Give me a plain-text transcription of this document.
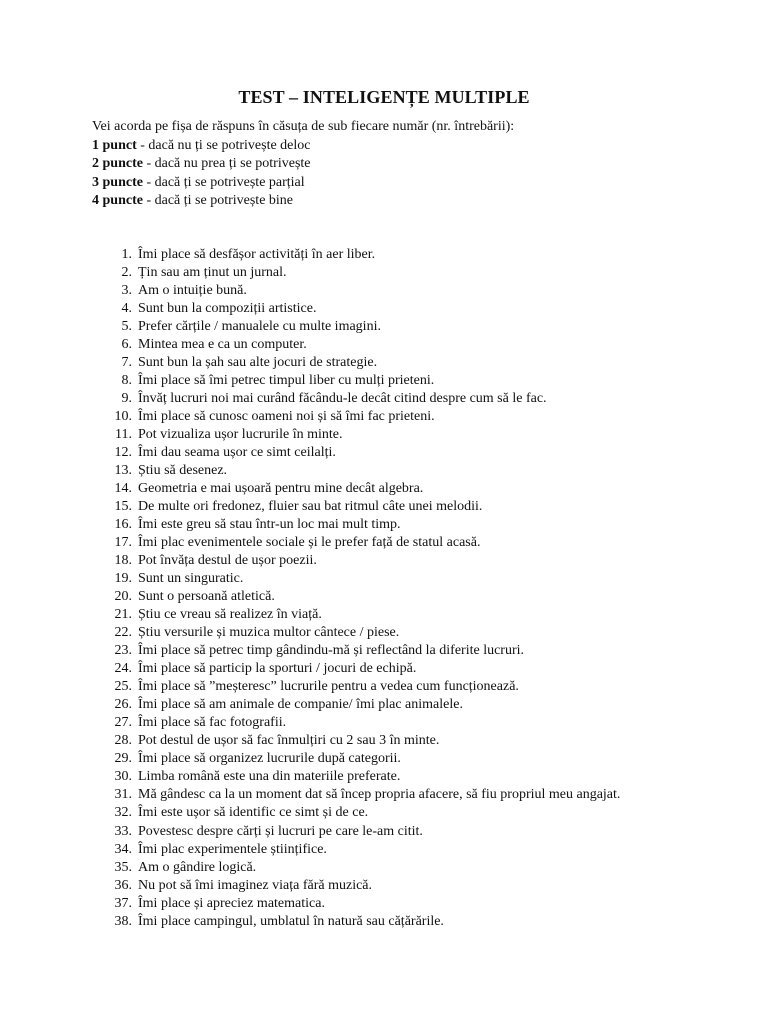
TEST – INTELIGENȚE MULTIPLE
Vei acorda pe fișa de răspuns în căsuța de sub fiecare număr (nr. întrebării):
1 punct - dacă nu ți se potrivește deloc
2 puncte - dacă nu prea ți se potrivește
3 puncte - dacă ți se potrivește parțial
4 puncte - dacă ți se potrivește bine
1. Îmi place să desfășor activități în aer liber.
2. Țin sau am ținut un jurnal.
3. Am o intuiție bună.
4. Sunt bun la compoziții artistice.
5. Prefer cărțile / manualele cu multe imagini.
6. Mintea mea e ca un computer.
7. Sunt bun la șah sau alte jocuri de strategie.
8. Îmi place să îmi petrec timpul liber cu mulți prieteni.
9. Învăț lucruri noi mai curând făcându-le decât citind despre cum să le fac.
10. Îmi place să cunosc oameni noi și să îmi fac prieteni.
11. Pot vizualiza ușor lucrurile în minte.
12. Îmi dau seama ușor ce simt ceilalți.
13. Știu să desenez.
14. Geometria e mai ușoară pentru mine decât algebra.
15. De multe ori fredonez, fluier sau bat ritmul câte unei melodii.
16. Îmi este greu să stau într-un loc mai mult timp.
17. Îmi plac evenimentele sociale și le prefer față de statul acasă.
18. Pot învăța destul de ușor poezii.
19. Sunt un singuratic.
20. Sunt o persoană atletică.
21. Știu ce vreau să realizez în viață.
22. Știu versurile și muzica multor cântece / piese.
23. Îmi place să petrec timp gândindu-mă și reflectând la diferite lucruri.
24. Îmi place să particip la sporturi / jocuri de echipă.
25. Îmi place să ”meșteresc” lucrurile pentru a vedea cum funcționează.
26. Îmi place să am animale de companie/ îmi plac animalele.
27. Îmi place să fac fotografii.
28. Pot destul de ușor să fac înmulțiri cu 2 sau 3 în minte.
29. Îmi place să organizez lucrurile după categorii.
30. Limba română este una din materiile preferate.
31. Mă gândesc ca la un moment dat să încep propria afacere, să fiu propriul meu angajat.
32. Îmi este ușor să identific ce simt și de ce.
33. Povestesc despre cărți și lucruri pe care le-am citit.
34. Îmi plac experimentele științifice.
35. Am o gândire logică.
36. Nu pot să îmi imaginez viața fără muzică.
37. Îmi place și apreciez matematica.
38. Îmi place campingul, umblatul în natură sau cățărările.
